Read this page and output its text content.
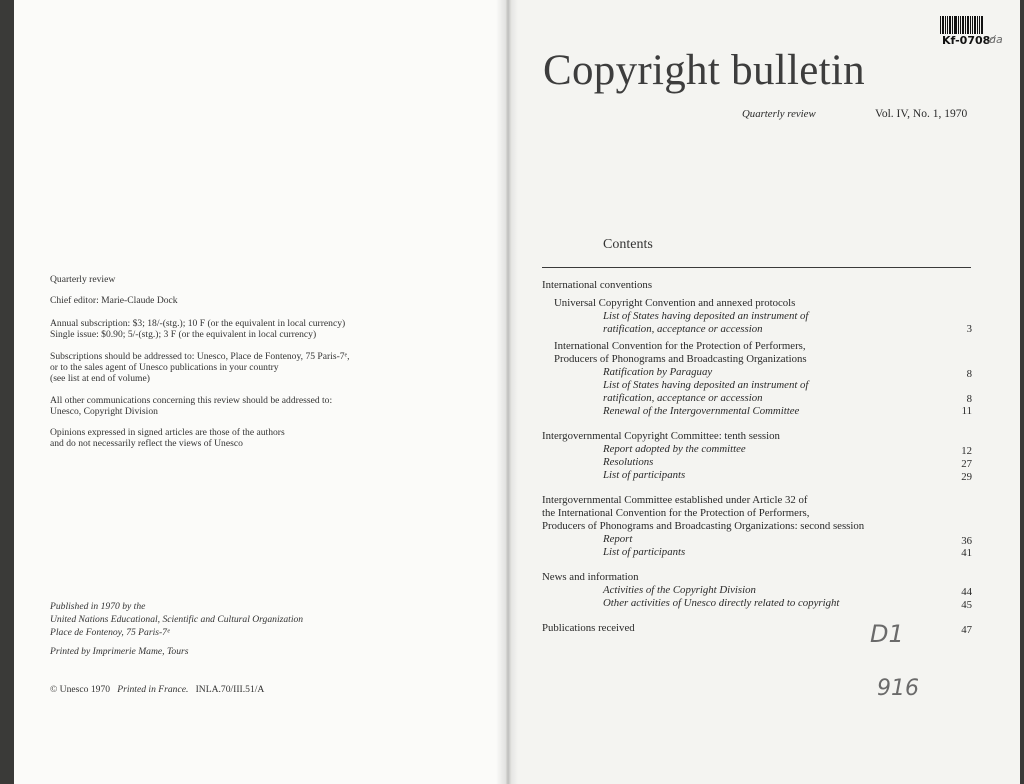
Quarterly review
Chief editor: Marie-Claude Dock
Annual subscription: $3; 18/-(stg.); 10 F (or the equivalent in local currency)
Single issue: $0.90; 5/-(stg.); 3 F (or the equivalent in local currency)
Subscriptions should be addressed to: Unesco, Place de Fontenoy, 75 Paris-7ᵉ,
or to the sales agent of Unesco publications in your country
(see list at end of volume)
All other communications concerning this review should be addressed to:
Unesco, Copyright Division
Opinions expressed in signed articles are those of the authors
and do not necessarily reflect the views of Unesco
Published in 1970 by the
United Nations Educational, Scientific and Cultural Organization
Place de Fontenoy, 75 Paris-7ᵉ
Printed by Imprimerie Mame, Tours
© Unesco 1970 Printed in France. INLA.70/III.51/A
Kf-0708
ɑ̸a
Copyright bulletin
Quarterly review	Vol. IV, No. 1, 1970
Contents
International conventions
Universal Copyright Convention and annexed protocols
List of States having deposited an instrument of
ratification, acceptance or accession	3
International Convention for the Protection of Performers,
Producers of Phonograms and Broadcasting Organizations
Ratification by Paraguay	8
List of States having deposited an instrument of
ratification, acceptance or accession	8
Renewal of the Intergovernmental Committee	11
Intergovernmental Copyright Committee: tenth session
Report adopted by the committee	12
Resolutions	27
List of participants	29
Intergovernmental Committee established under Article 32 of
the International Convention for the Protection of Performers,
Producers of Phonograms and Broadcasting Organizations: second session
Report	36
List of participants	41
News and information
Activities of the Copyright Division	44
Other activities of Unesco directly related to copyright	45
Publications received	47
D1
916
